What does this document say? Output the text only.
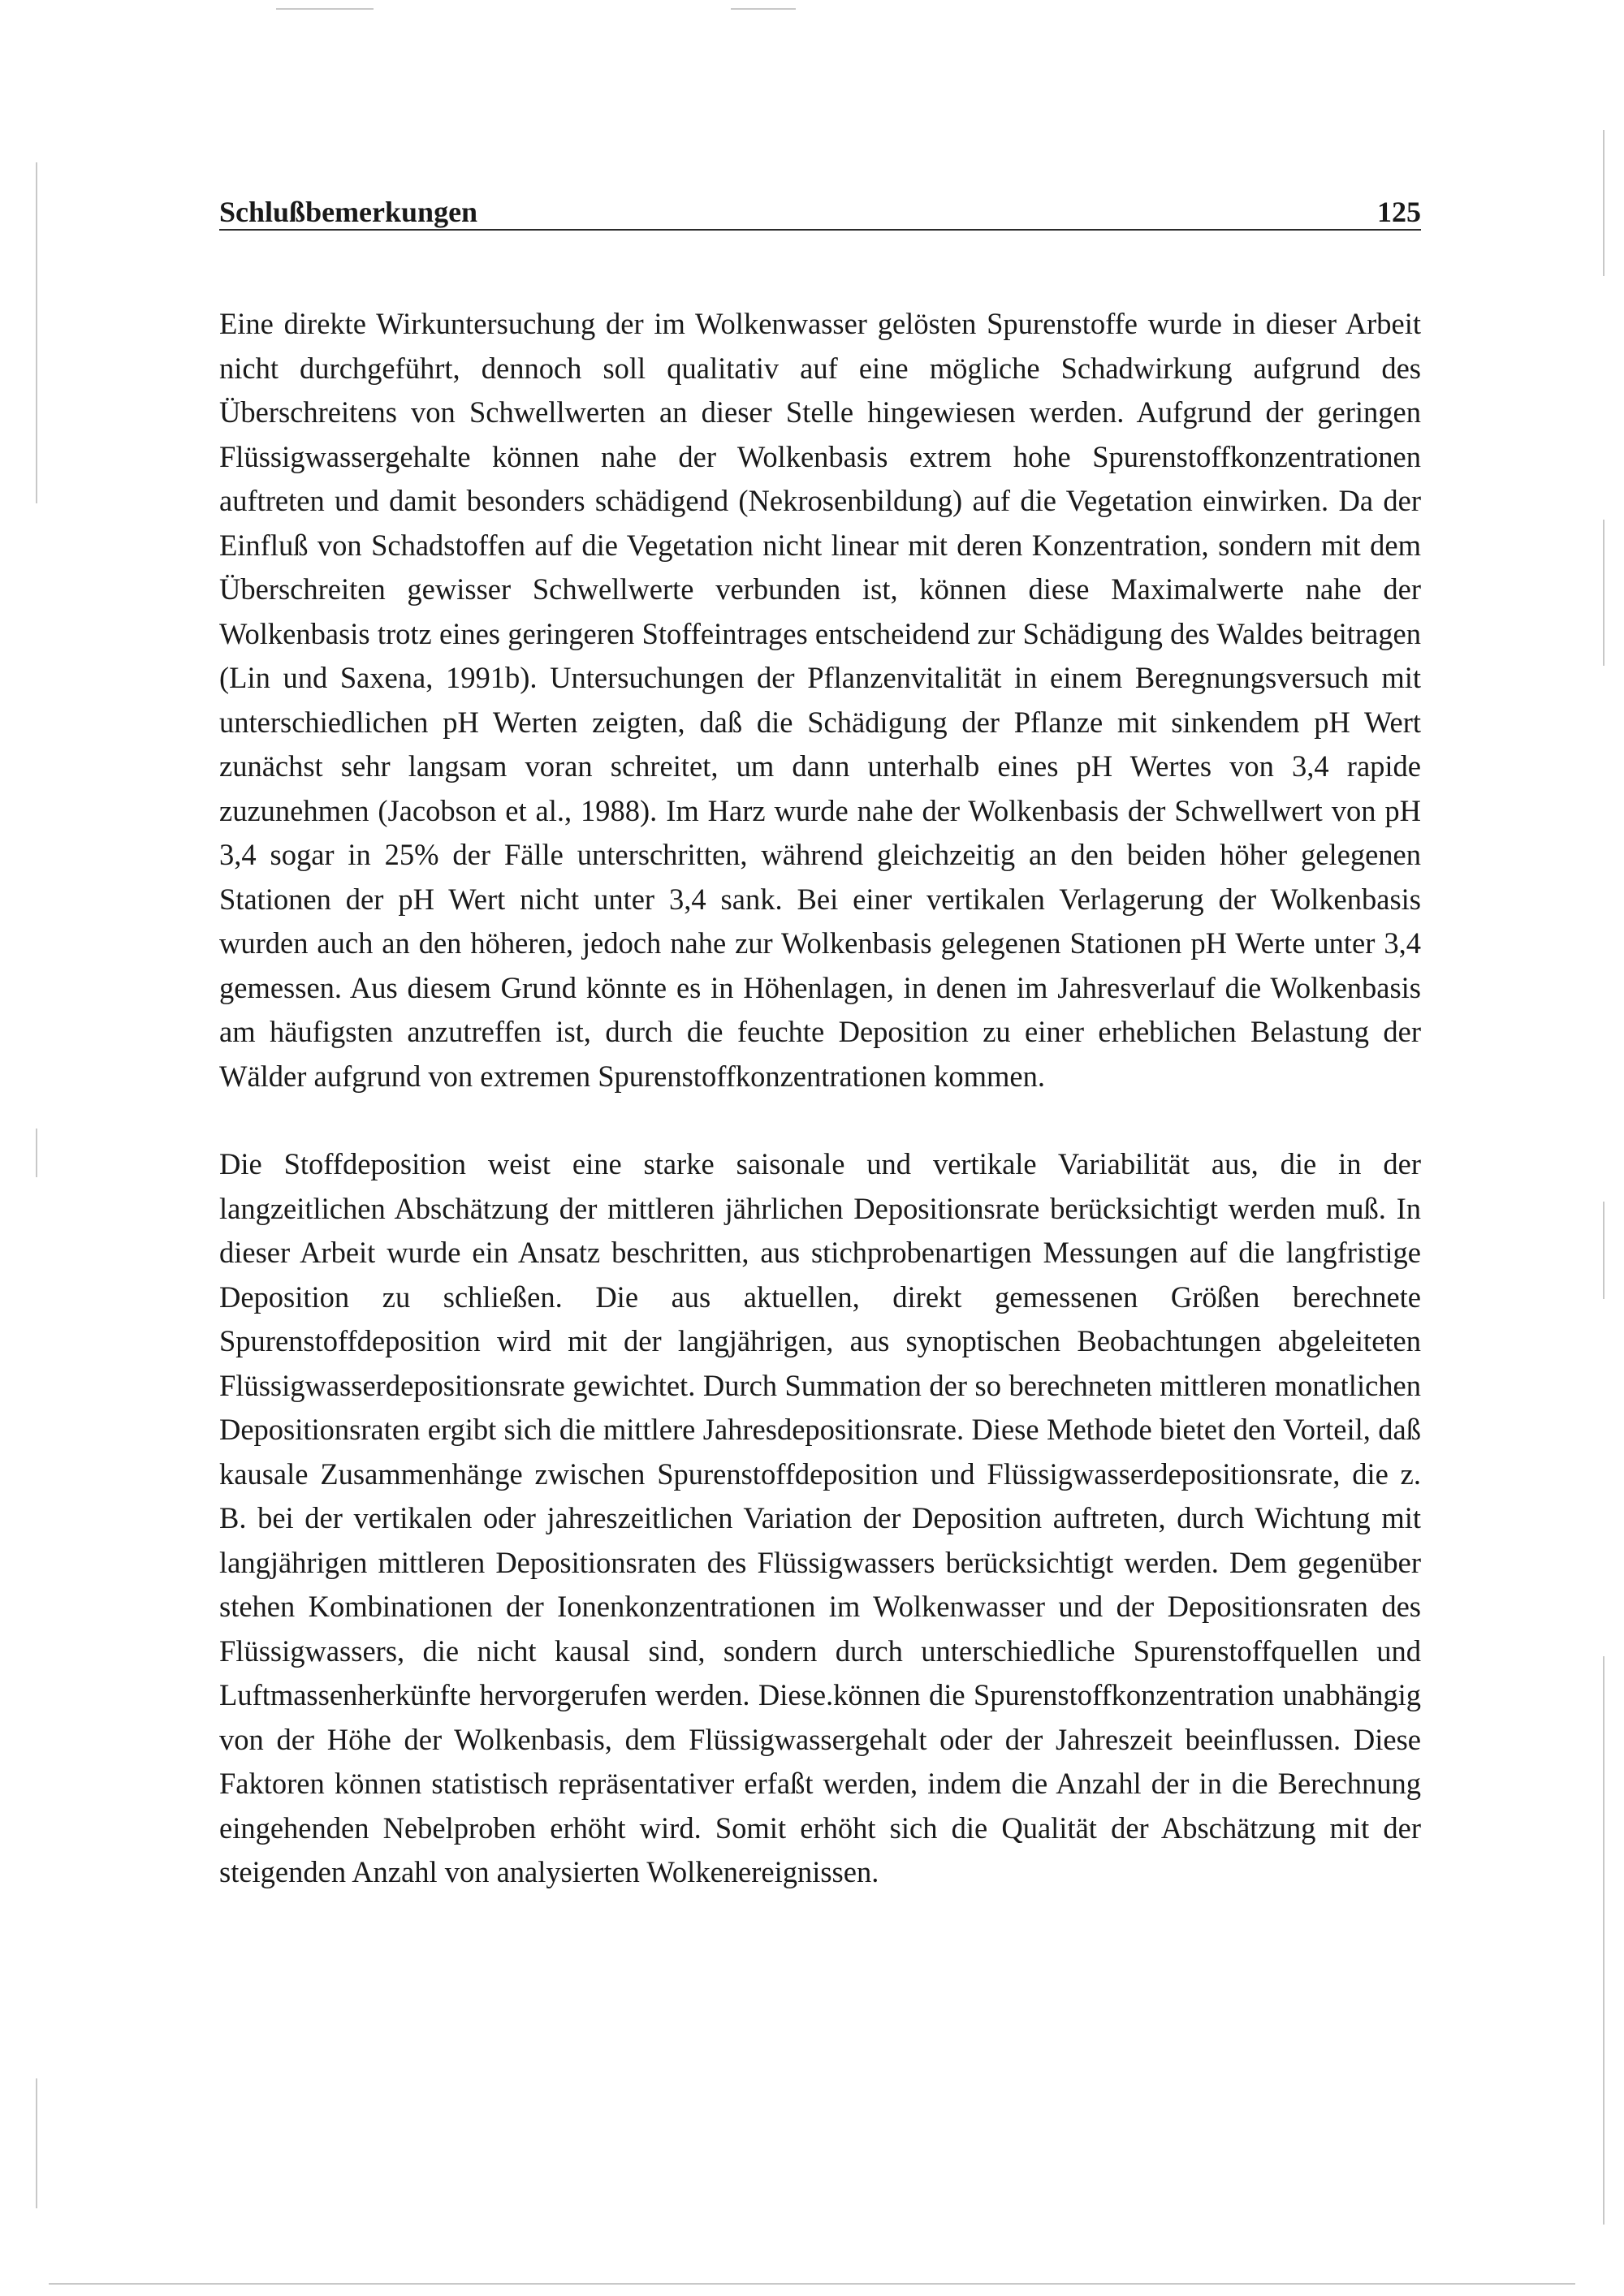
Schlußbemerkungen	125

Eine direkte Wirkuntersuchung der im Wolkenwasser gelösten Spurenstoffe wurde in dieser Arbeit nicht durchgeführt, dennoch soll qualitativ auf eine mögliche Schadwirkung aufgrund des Überschreitens von Schwellwerten an dieser Stelle hingewiesen werden. Aufgrund der geringen Flüssigwassergehalte können nahe der Wolkenbasis extrem hohe Spurenstoffkonzentrationen auftreten und damit besonders schädigend (Nekrosenbildung) auf die Vegetation einwirken. Da der Einfluß von Schadstoffen auf die Vegetation nicht linear mit deren Konzentration, sondern mit dem Überschreiten gewisser Schwellwerte verbunden ist, können diese Maximalwerte nahe der Wolkenbasis trotz eines geringeren Stoffeintrages entscheidend zur Schädigung des Waldes beitragen (Lin und Saxena, 1991b). Untersuchungen der Pflanzenvitalität in einem Beregnungsversuch mit unterschiedlichen pH Werten zeigten, daß die Schädigung der Pflanze mit sinkendem pH Wert zunächst sehr langsam voran schreitet, um dann unterhalb eines pH Wertes von 3,4 rapide zuzunehmen (Jacobson et al., 1988). Im Harz wurde nahe der Wolkenbasis der Schwellwert von pH 3,4 sogar in 25% der Fälle unterschritten, während gleichzeitig an den beiden höher gelegenen Stationen der pH Wert nicht unter 3,4 sank. Bei einer vertikalen Verlagerung der Wolkenbasis wurden auch an den höheren, jedoch nahe zur Wolkenbasis gelegenen Stationen pH Werte unter 3,4 gemessen. Aus diesem Grund könnte es in Höhenlagen, in denen im Jahresverlauf die Wolkenbasis am häufigsten anzutreffen ist, durch die feuchte Deposition zu einer erheblichen Belastung der Wälder aufgrund von extremen Spurenstoffkonzentrationen kommen.

Die Stoffdeposition weist eine starke saisonale und vertikale Variabilität aus, die in der langzeitlichen Abschätzung der mittleren jährlichen Depositionsrate berücksichtigt werden muß. In dieser Arbeit wurde ein Ansatz beschritten, aus stichprobenartigen Messungen auf die langfristige Deposition zu schließen. Die aus aktuellen, direkt gemessenen Größen berechnete Spurenstoffdeposition wird mit der langjährigen, aus synoptischen Beobachtungen abgeleiteten Flüssigwasserdepositionsrate gewichtet. Durch Summation der so berechneten mittleren monatlichen Depositionsraten ergibt sich die mittlere Jahresdepositionsrate. Diese Methode bietet den Vorteil, daß kausale Zusammenhänge zwischen Spurenstoffdeposition und Flüssigwasserdepositionsrate, die z. B. bei der vertikalen oder jahreszeitlichen Variation der Deposition auftreten, durch Wichtung mit langjährigen mittleren Depositionsraten des Flüssigwassers berücksichtigt werden. Dem gegenüber stehen Kombinationen der Ionenkonzentrationen im Wolkenwasser und der Depositionsraten des Flüssigwassers, die nicht kausal sind, sondern durch unterschiedliche Spurenstoffquellen und Luftmassenherkünfte hervorgerufen werden. Diese.können die Spurenstoffkonzentration unabhängig von der Höhe der Wolkenbasis, dem Flüssigwassergehalt oder der Jahreszeit beeinflussen. Diese Faktoren können statistisch repräsentativer erfaßt werden, indem die Anzahl der in die Berechnung eingehenden Nebelproben erhöht wird. Somit erhöht sich die Qualität der Abschätzung mit der steigenden Anzahl von analysierten Wolkenereignissen.
